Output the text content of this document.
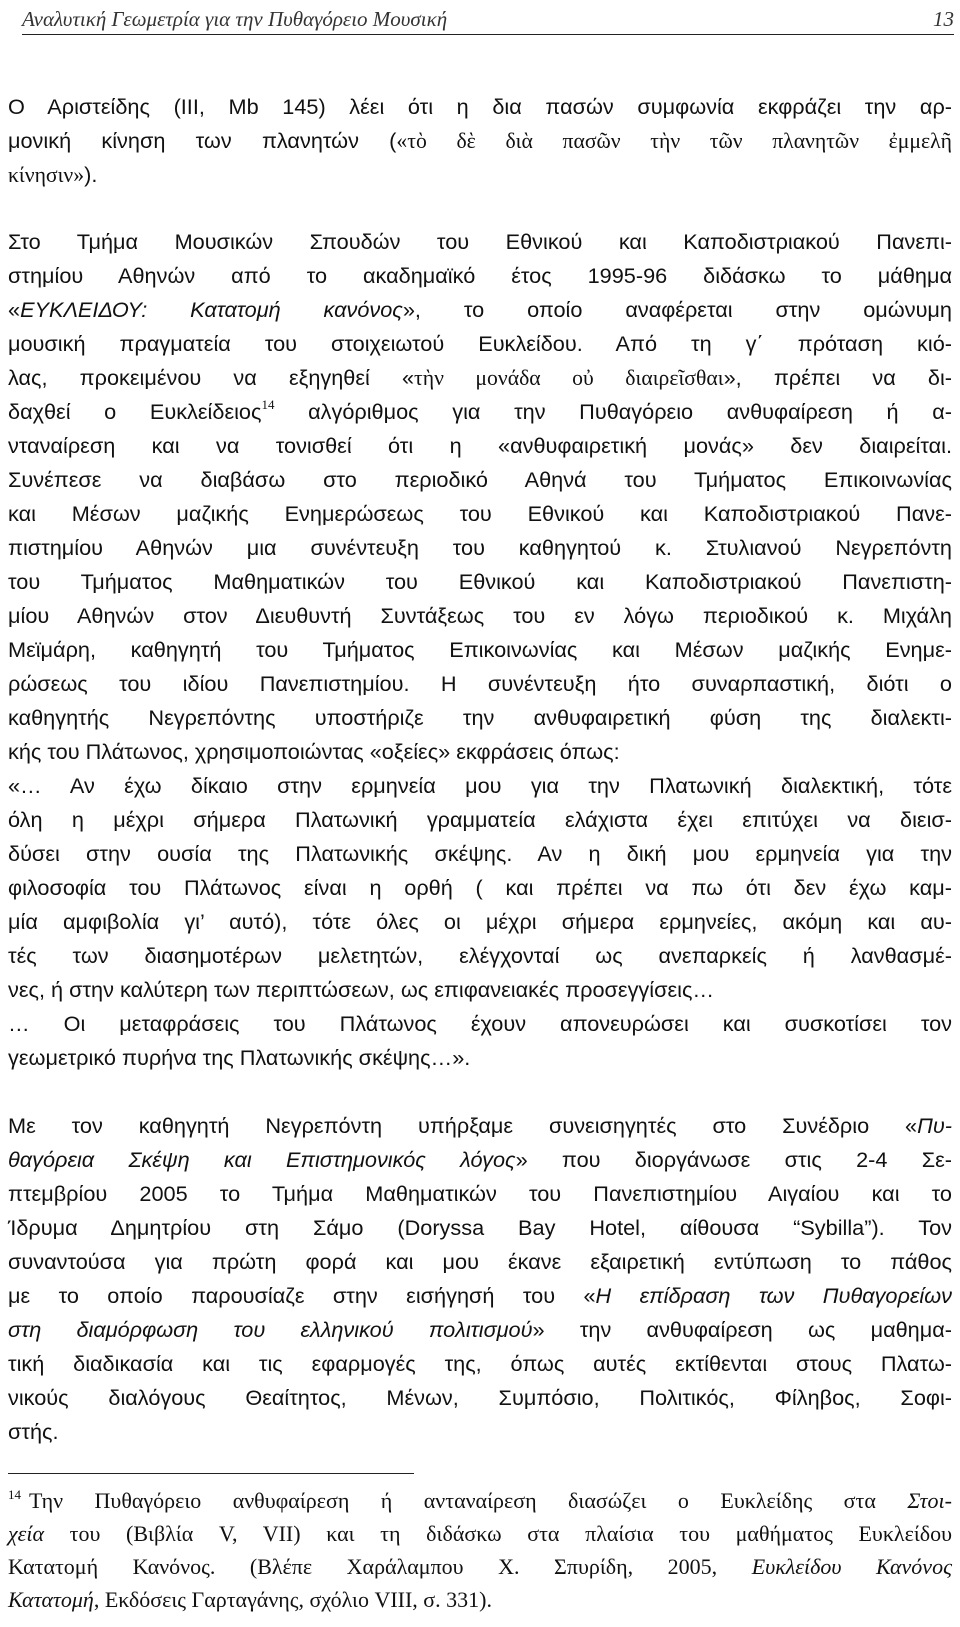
Αναλυτική Γεωμετρία για την Πυθαγόρειο Μουσική	13
Ο Αριστείδης (ΙΙΙ, Mb 145) λέει ότι η δια πασών συμφωνία εκφράζει την αρ-
μονική κίνηση των πλανητών («τὸ δὲ διὰ πασῶν τὴν τῶν πλανητῶν ἐμμελῆ
κίνησιν»).
Στο Τμήμα Μουσικών Σπουδών του Εθνικού και Καποδιστριακού Πανεπι-
στημίου Αθηνών από το ακαδημαϊκό έτος 1995-96 διδάσκω το μάθημα
«ΕΥΚΛΕΙΔΟΥ: Κατατομή κανόνος», το οποίο αναφέρεται στην ομώνυμη
μουσική πραγματεία του στοιχειωτού Ευκλείδου. Από τη γ΄ πρόταση κιό-
λας, προκειμένου να εξηγηθεί «τὴν μονάδα οὐ διαιρεῖσθαι», πρέπει να δι-
δαχθεί ο Ευκλείδειος$^{14}$ αλγόριθμος για την Πυθαγόρειο ανθυφαίρεση ή α-
νταναίρεση και να τονισθεί ότι η «ανθυφαιρετική μονάς» δεν διαιρείται.
Συνέπεσε να διαβάσω στο περιοδικό Αθηνά του Τμήματος Επικοινωνίας
και Μέσων μαζικής Ενημερώσεως του Εθνικού και Καποδιστριακού Πανε-
πιστημίου Αθηνών μια συνέντευξη του καθηγητού κ. Στυλιανού Νεγρεπόντη
του Τμήματος Μαθηματικών του Εθνικού και Καποδιστριακού Πανεπιστη-
μίου Αθηνών στον Διευθυντή Συντάξεως του εν λόγω περιοδικού κ. Μιχάλη
Μεϊμάρη, καθηγητή του Τμήματος Επικοινωνίας και Μέσων μαζικής Ενημε-
ρώσεως του ιδίου Πανεπιστημίου. Η συνέντευξη ήτο συναρπαστική, διότι ο
καθηγητής Νεγρεπόντης υποστήριζε την ανθυφαιρετική φύση της διαλεκτι-
κής του Πλάτωνος, χρησιμοποιώντας «οξείες» εκφράσεις όπως:
«… Αν έχω δίκαιο στην ερμηνεία μου για την Πλατωνική διαλεκτική, τότε
όλη η μέχρι σήμερα Πλατωνική γραμματεία ελάχιστα έχει επιτύχει να διεισ-
δύσει στην ουσία της Πλατωνικής σκέψης. Αν η δική μου ερμηνεία για την
φιλοσοφία του Πλάτωνος είναι η ορθή ( και πρέπει να πω ότι δεν έχω καμ-
μία αμφιβολία γι’ αυτό), τότε όλες οι μέχρι σήμερα ερμηνείες, ακόμη και αυ-
τές των διασημοτέρων μελετητών, ελέγχονταί ως ανεπαρκείς ή λανθασμέ-
νες, ή στην καλύτερη των περιπτώσεων, ως επιφανειακές προσεγγίσεις…
… Οι μεταφράσεις του Πλάτωνος έχουν απονευρώσει και συσκοτίσει τον
γεωμετρικό πυρήνα της Πλατωνικής σκέψης…».
Με τον καθηγητή Νεγρεπόντη υπήρξαμε συνεισηγητές στο Συνέδριο «Πυ-
θαγόρεια Σκέψη και Επιστημονικός λόγος» που διοργάνωσε στις 2-4 Σε-
πτεμβρίου 2005 το Τμήμα Μαθηματικών του Πανεπιστημίου Αιγαίου και το
Ίδρυμα Δημητρίου στη Σάμο (Doryssa Bay Hotel, αίθουσα “Sybilla”). Τον
συναντούσα για πρώτη φορά και μου έκανε εξαιρετική εντύπωση το πάθος
με το οποίο παρουσίαζε στην εισήγησή του «Η επίδραση των Πυθαγορείων
στη διαμόρφωση του ελληνικού πολιτισμού» την ανθυφαίρεση ως μαθημα-
τική διαδικασία και τις εφαρμογές της, όπως αυτές εκτίθενται στους Πλατω-
νικούς διαλόγους Θεαίτητος, Μένων, Συμπόσιο, Πολιτικός, Φίληβος, Σοφι-
στής.
$^{14}$ Την Πυθαγόρειο ανθυφαίρεση ή ανταναίρεση διασώζει ο Ευκλείδης στα Στοι-
χεία του (Βιβλία V, VII) και τη διδάσκω στα πλαίσια του μαθήματος Ευκλείδου
Κατατομή Κανόνος. (Βλέπε Χαράλαμπου Χ. Σπυρίδη, 2005, Ευκλείδου Κανόνος
Κατατομή, Εκδόσεις Γαρταγάνης, σχόλιο VIII, σ. 331).
